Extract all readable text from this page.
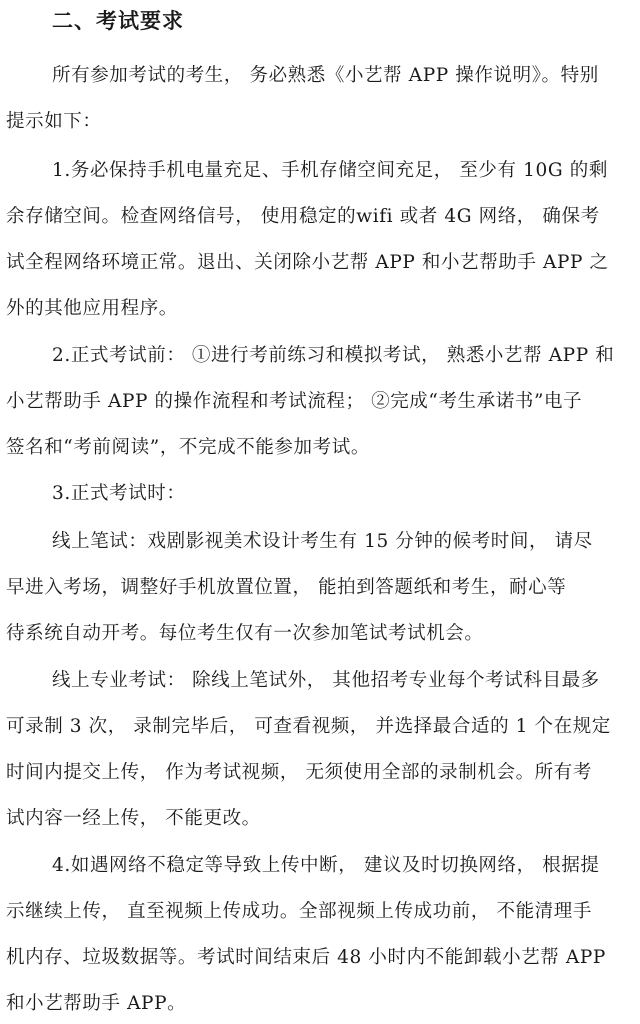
二、考试要求
所有参加考试的考生， 务必熟悉《小艺帮 APP 操作说明》。特别
提示如下：
1.务必保持手机电量充足、手机存储空间充足， 至少有 10G 的剩
余存储空间。检查网络信号， 使用稳定的wifi 或者 4G 网络， 确保考
试全程网络环境正常。退出、关闭除小艺帮 APP 和小艺帮助手 APP 之
外的其他应用程序。
2.正式考试前： ①进行考前练习和模拟考试， 熟悉小艺帮 APP 和
小艺帮助手 APP 的操作流程和考试流程； ②完成“考生承诺书”电子
签名和“考前阅读”，不完成不能参加考试。
3.正式考试时：
线上笔试：戏剧影视美术设计考生有 15 分钟的候考时间， 请尽
早进入考场，调整好手机放置位置， 能拍到答题纸和考生，耐心等
待系统自动开考。每位考生仅有一次参加笔试考试机会。
线上专业考试： 除线上笔试外， 其他招考专业每个考试科目最多
可录制 3 次， 录制完毕后， 可查看视频， 并选择最合适的 1 个在规定
时间内提交上传， 作为考试视频， 无须使用全部的录制机会。所有考
试内容一经上传， 不能更改。
4.如遇网络不稳定等导致上传中断， 建议及时切换网络， 根据提
示继续上传， 直至视频上传成功。全部视频上传成功前， 不能清理手
机内存、垃圾数据等。考试时间结束后 48 小时内不能卸载小艺帮 APP
和小艺帮助手 APP。
